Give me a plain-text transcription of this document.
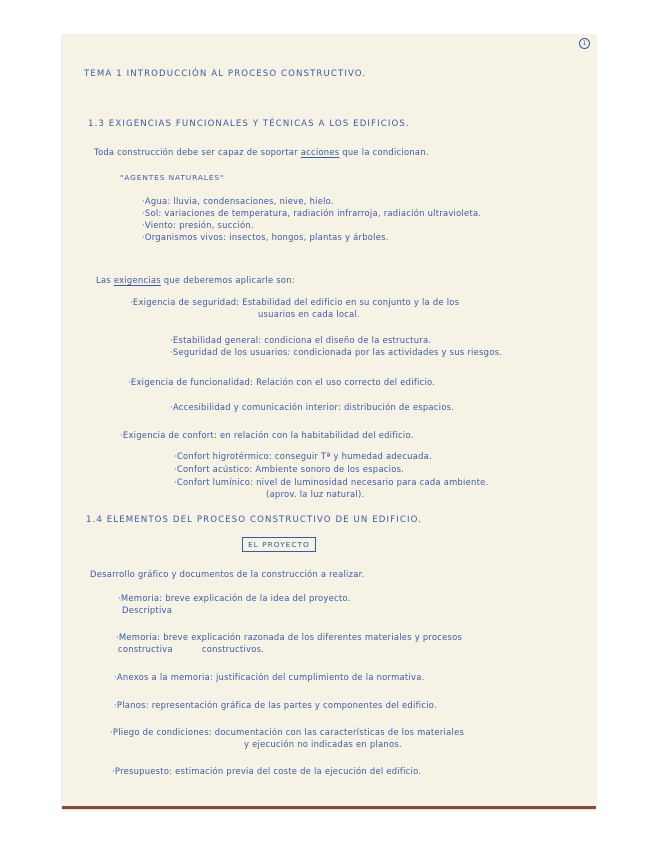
1
TEMA 1 INTRODUCCIÓN AL PROCESO CONSTRUCTIVO.
1.3 EXIGENCIAS FUNCIONALES Y TÉCNICAS A LOS EDIFICIOS.
Toda construcción debe ser capaz de soportar acciones que la condicionan.
"AGENTES NATURALES"
·Agua: lluvia, condensaciones, nieve, hielo.
·Sol: variaciones de temperatura, radiación infrarroja, radiación ultravioleta.
·Viento: presión, succión.
·Organismos vivos: insectos, hongos, plantas y árboles.
Las exigencias que deberemos aplicarle son:
·Exigencia de seguridad: Estabilidad del edificio en su conjunto y la de los
usuarios en cada local.
·Estabilidad general: condiciona el diseño de la estructura.
·Seguridad de los usuarios: condicionada por las actividades y sus riesgos.
·Exigencia de funcionalidad: Relación con el uso correcto del edificio.
·Accesibilidad y comunicación interior: distribución de espacios.
·Exigencia de confort: en relación con la habitabilidad del edificio.
·Confort higrotérmico: conseguir Tª y humedad adecuada.
·Confort acústico: Ambiente sonoro de los espacios.
·Confort lumínico: nivel de luminosidad necesario para cada ambiente.
(aprov. la luz natural).
1.4 ELEMENTOS DEL PROCESO CONSTRUCTIVO DE UN EDIFICIO.
EL PROYECTO
Desarrollo gráfico y documentos de la construcción a realizar.
·Memoria: breve explicación de la idea del proyecto.
Descriptiva
·Memoria: breve explicación razonada de los diferentes materiales y procesos
constructiva          constructivos.
·Anexos a la memoria: justificación del cumplimiento de la normativa.
·Planos: representación gráfica de las partes y componentes del edificio.
·Pliego de condiciones: documentación con las características de los materiales
y ejecución no indicadas en planos.
·Presupuesto: estimación previa del coste de la ejecución del edificio.
